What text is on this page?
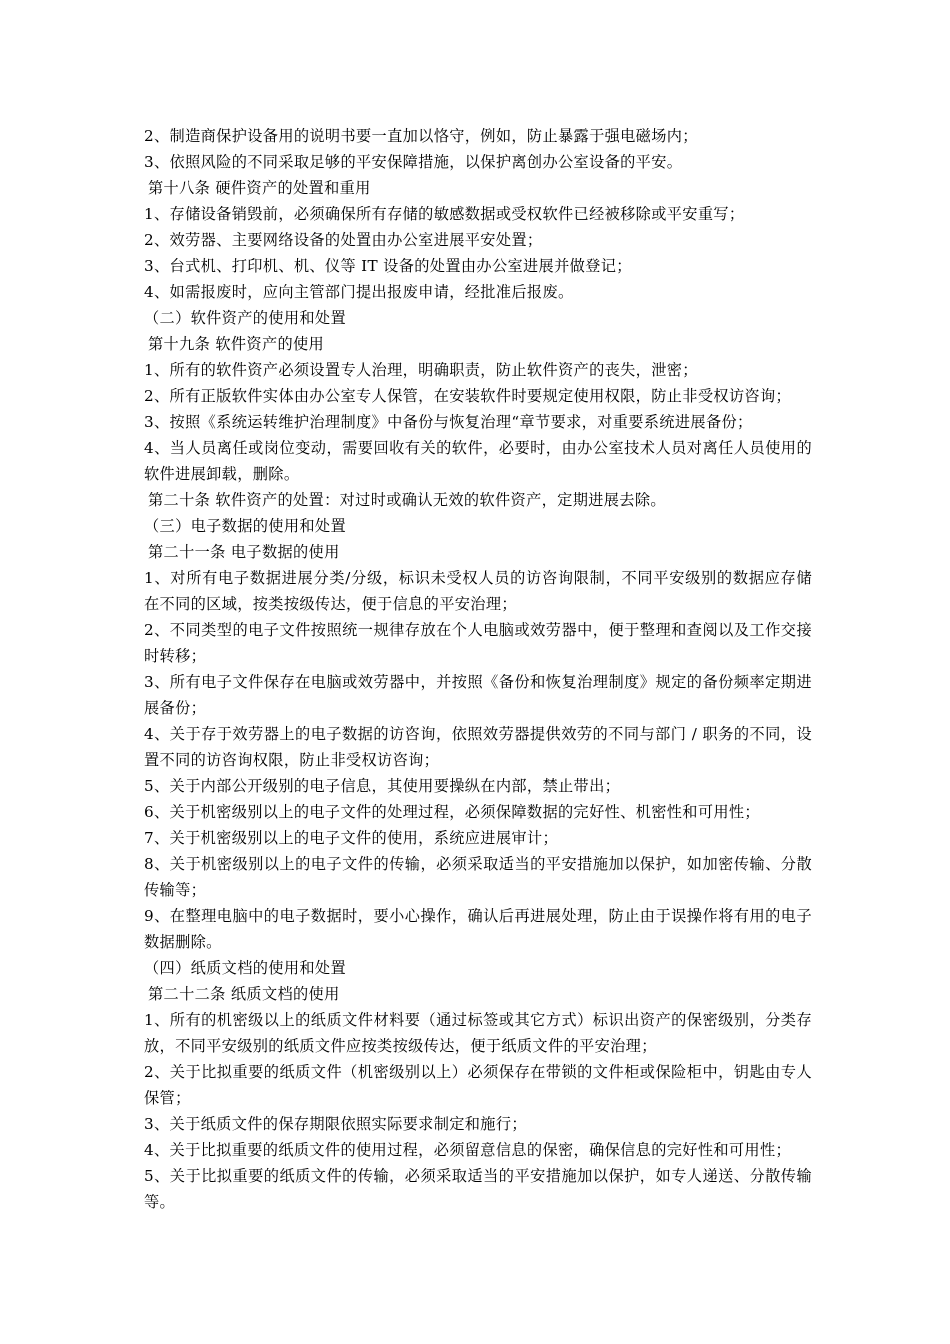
2、制造商保护设备用的说明书要一直加以恪守，例如，防止暴露于强电磁场内；

3、依照风险的不同采取足够的平安保障措施，以保护离创办公室设备的平安。

第十八条 硬件资产的处置和重用

1、存储设备销毁前，必须确保所有存储的敏感数据或受权软件已经被移除或平安重写；

2、效劳器、主要网络设备的处置由办公室进展平安处置；

3、台式机、打印机、机、仪等 IT 设备的处置由办公室进展并做登记；

4、如需报废时，应向主管部门提出报废申请，经批准后报废。

（二）软件资产的使用和处置

第十九条 软件资产的使用

1、所有的软件资产必须设置专人治理，明确职责，防止软件资产的丧失，泄密；

2、所有正版软件实体由办公室专人保管，在安装软件时要规定使用权限，防止非受权访咨询；

3、按照《系统运转维护治理制度》中备份与恢复治理“章节要求，对重要系统进展备份；

4、当人员离任或岗位变动，需要回收有关的软件，必要时，由办公室技术人员对离任人员使用的软件进展卸载，删除。

第二十条 软件资产的处置：对过时或确认无效的软件资产，定期进展去除。

（三）电子数据的使用和处置

第二十一条 电子数据的使用

1、对所有电子数据进展分类/分级，标识未受权人员的访咨询限制，不同平安级别的数据应存储在不同的区域，按类按级传达，便于信息的平安治理；

2、不同类型的电子文件按照统一规律存放在个人电脑或效劳器中，便于整理和查阅以及工作交接时转移；

3、所有电子文件保存在电脑或效劳器中，并按照《备份和恢复治理制度》规定的备份频率定期进展备份；

4、关于存于效劳器上的电子数据的访咨询，依照效劳器提供效劳的不同与部门 / 职务的不同，设置不同的访咨询权限，防止非受权访咨询；

5、关于内部公开级别的电子信息，其使用要操纵在内部，禁止带出；

6、关于机密级别以上的电子文件的处理过程，必须保障数据的完好性、机密性和可用性；

7、关于机密级别以上的电子文件的使用，系统应进展审计；

8、关于机密级别以上的电子文件的传输，必须采取适当的平安措施加以保护，如加密传输、分散传输等；

9、在整理电脑中的电子数据时，要小心操作，确认后再进展处理，防止由于误操作将有用的电子数据删除。

（四）纸质文档的使用和处置

第二十二条 纸质文档的使用

1、所有的机密级以上的纸质文件材料要（通过标签或其它方式）标识出资产的保密级别，分类存放，不同平安级别的纸质文件应按类按级传达，便于纸质文件的平安治理；

2、关于比拟重要的纸质文件（机密级别以上）必须保存在带锁的文件柜或保险柜中，钥匙由专人保管；

3、关于纸质文件的保存期限依照实际要求制定和施行；

4、关于比拟重要的纸质文件的使用过程，必须留意信息的保密，确保信息的完好性和可用性；

5、关于比拟重要的纸质文件的传输，必须采取适当的平安措施加以保护，如专人递送、分散传输等。
